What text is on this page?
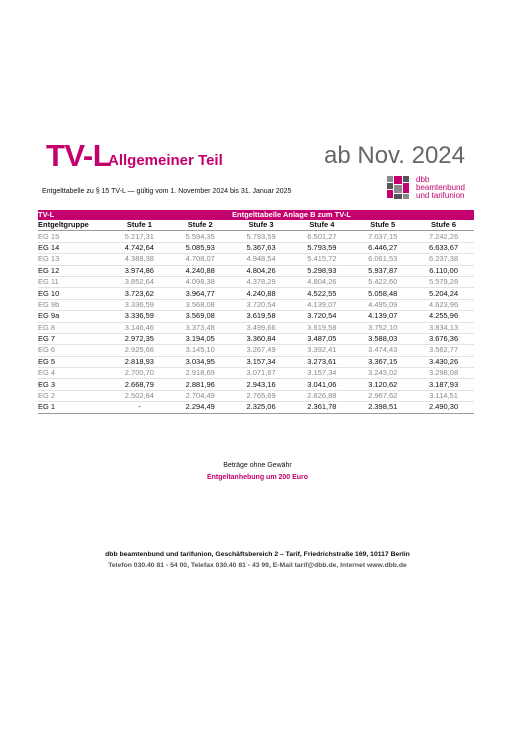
TV-L
Allgemeiner Teil	ab Nov. 2024
dbb
beamtenbund
und tarifunion
Entgelttabelle zu § 15 TV-L — gültig vom 1. November 2024 bis 31. Januar 2025
TV-L			Entgelttabelle Anlage B zum TV-L			
Entgeltgruppe	Stufe 1	Stufe 2	Stufe 3	Stufe 4	Stufe 5	Stufe 6
EG 15	5.217,31	5.594,35	5.793,59	6.501,27	7.037,15	7.242,26
EG 14	4.742,64	5.085,93	5.367,63	5.793,59	6.446,27	6.633,67
EG 13	4.388,38	4.708,07	4.948,54	5.415,72	6.061,53	6.237,38
EG 12	3.974,86	4.240,88	4.804,26	5.298,93	5.937,87	6.110,00
EG 11	3.852,64	4.098,38	4.378,29	4.804,26	5.422,60	5.579,28
EG 10	3.723,62	3.964,77	4.240,88	4.522,55	5.058,48	5.204,24
EG 9b	3.336,59	3.568,08	3.720,54	4.139,07	4.495,09	4.623,96
EG 9a	3.336,59	3.569,08	3.619,58	3.720,54	4.139,07	4.255,96
EG 8	3.146,46	3.373,48	3.499,66	3.619,58	3.752,10	3.834,13
EG 7	2.972,35	3.194,05	3.360,84	3.487,05	3.588,03	3.676,36
EG 6	2.925,66	3.145,10	3.267,49	3.392,41	3.474,43	3.562,77
EG 5	2.818,93	3.034,95	3.157,34	3.273,61	3.367,15	3.430,26
EG 4	2.700,70	2.918,69	3.071,67	3.157,34	3.243,02	3.298,08
EG 3	2.668,79	2.881,96	2.943,16	3.041,06	3.120,62	3.187,93
EG 2	2.502,84	2.704,49	2.765,69	2.826,88	2.967,62	3.114,51
EG 1	-	2.294,49	2.325,06	2.361,78	2.398,51	2.490,30
Beträge ohne Gewähr
Entgeltanhebung um 200 Euro
dbb beamtenbund und tarifunion, Geschäftsbereich 2 – Tarif, Friedrichstraße 169, 10117 Berlin
Telefon 030.40 81 - 54 00, Telefax 030.40 81 - 43 99, E-Mail tarif@dbb.de, Internet www.dbb.de
